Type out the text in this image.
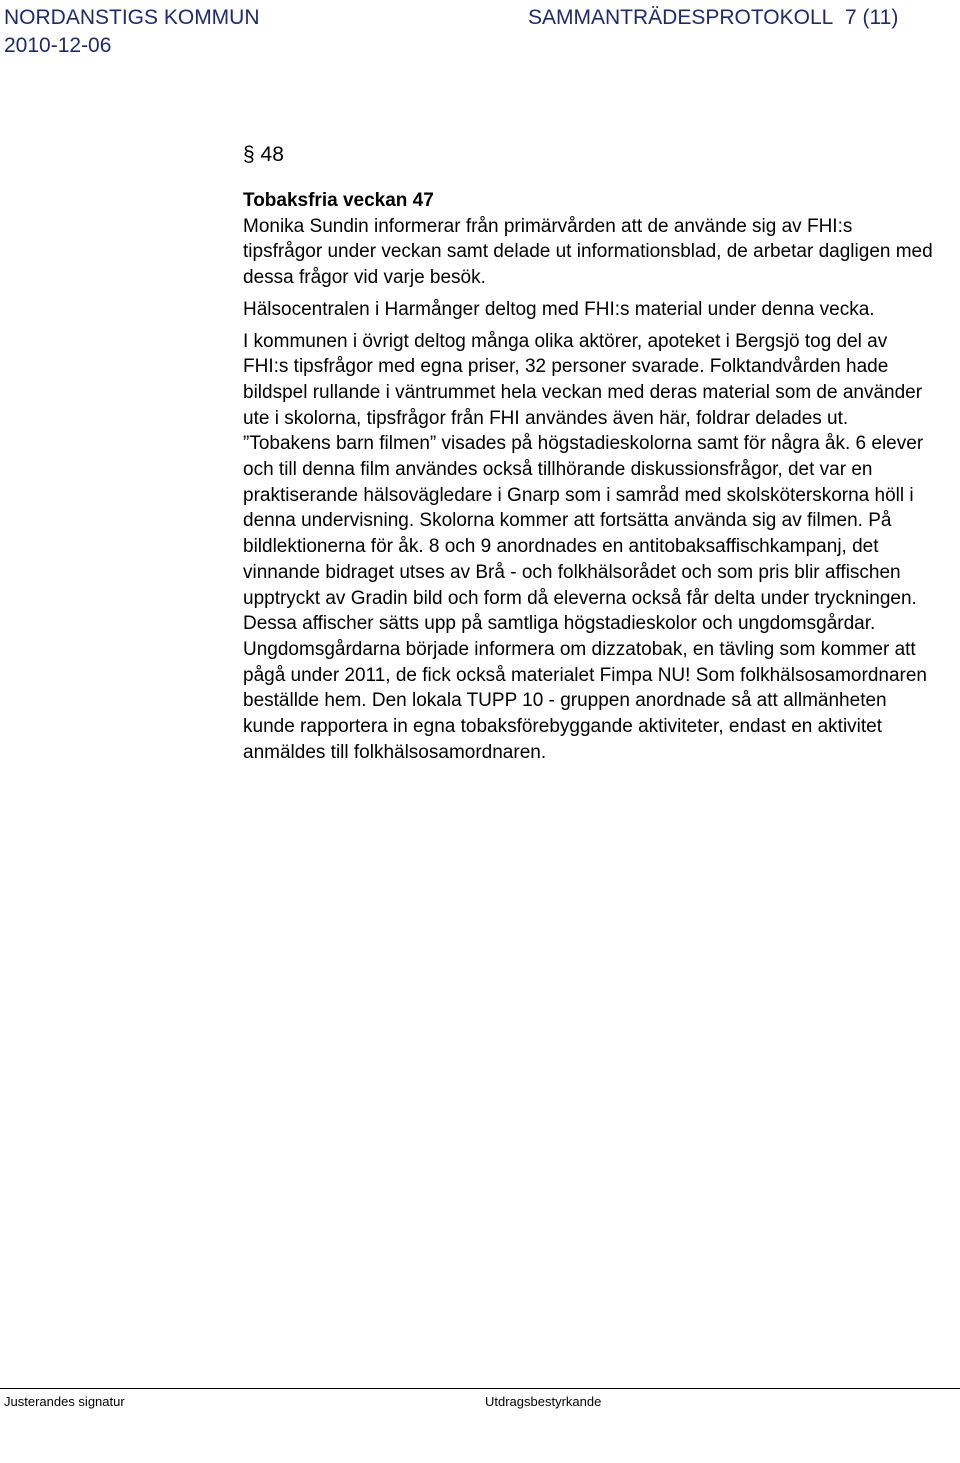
NORDANSTIGS KOMMUN	SAMMANTRÄDESPROTOKOLL 7 (11)
2010-12-06
§ 48

Tobaksfria veckan 47

Monika Sundin informerar från primärvården att de använde sig av FHI:s tipsfrågor under veckan samt delade ut informationsblad, de arbetar dagligen med dessa frågor vid varje besök.

Hälsocentralen i Harmånger deltog med FHI:s material under denna vecka.

I kommunen i övrigt deltog många olika aktörer, apoteket i Bergsjö tog del av FHI:s tipsfrågor med egna priser, 32 personer svarade. Folktandvården hade bildspel rullande i väntrummet hela veckan med deras material som de använder ute i skolorna, tipsfrågor från FHI användes även här, foldrar delades ut. ”Tobakens barn filmen” visades på högstadieskolorna samt för några åk. 6 elever och till denna film användes också tillhörande diskussionsfrågor, det var en praktiserande hälsovägledare i Gnarp som i samråd med skolsköterskorna höll i denna undervisning. Skolorna kommer att fortsätta använda sig av filmen. På bildlektionerna för åk. 8 och 9 anordnades en antitobaksaffischkampanj, det vinnande bidraget utses av Brå - och folkhälsorådet och som pris blir affischen upptryckt av Gradin bild och form då eleverna också får delta under tryckningen. Dessa affischer sätts upp på samtliga högstadieskolor och ungdomsgårdar. Ungdomsgårdarna började informera om dizzatobak, en tävling som kommer att pågå under 2011, de fick också materialet Fimpa NU! Som folkhälsosamordnaren beställde hem. Den lokala TUPP 10 - gruppen anordnade så att allmänheten kunde rapportera in egna tobaksförebyggande aktiviteter, endast en aktivitet anmäldes till folkhälsosamordnaren.

Justerandes signatur	Utdragsbestyrkande
